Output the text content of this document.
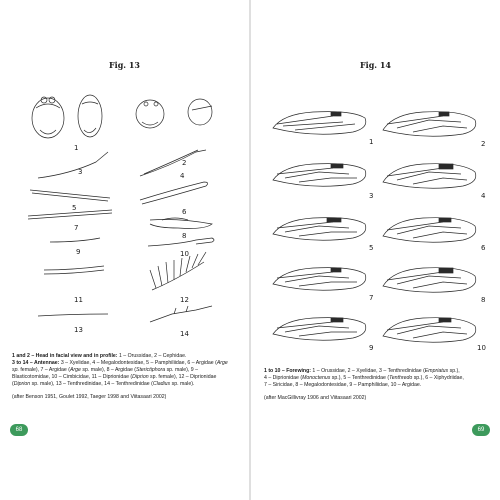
Fig. 13
3
2
1
4
5	6
7
8
9	10
11	12
13	14
1 and 2 – Head in facial view and in profile: 1 – Orussidae, 2 – Cephidae.
3 to 14 – Antennae: 3 – Xyelidae, 4 – Megalodontesidae, 5 – Pamphiliidae, 6 – Argidae (Arge
sp. female), 7 – Argidae (Arge sp. male), 8 – Argidae (Sterictiphora sp. male), 9 –
Blasticotomidae, 10 – Cimbicidae, 11 – Diprionidae (Diprion sp. female), 12 – Diprionidae
(Diprion sp. male), 13 – Tenthredinidae, 14 – Tenthredinidae (Cladius sp. male).
(after Benson 1951, Goulet 1992, Taeger 1998 and Viitasaari 2002)
68
Fig. 14
1	2
3	4
5	6
7	8
9	10
1 to 10 – Forewing: 1 – Orussidae, 2 – Xyelidae, 3 – Tenthredinidae (Empriatus sp.),
4 – Diprionidae (Monoctenus sp.), 5 – Tenthredinidae (Tenthredo sp.), 6 – Xiphydriidae,
7 – Siricidae, 8 – Megalodontesidae, 9 – Pamphiliidae, 10 – Argidae.
(after MacGillivray 1906 and Viitasaari 2002)
69
